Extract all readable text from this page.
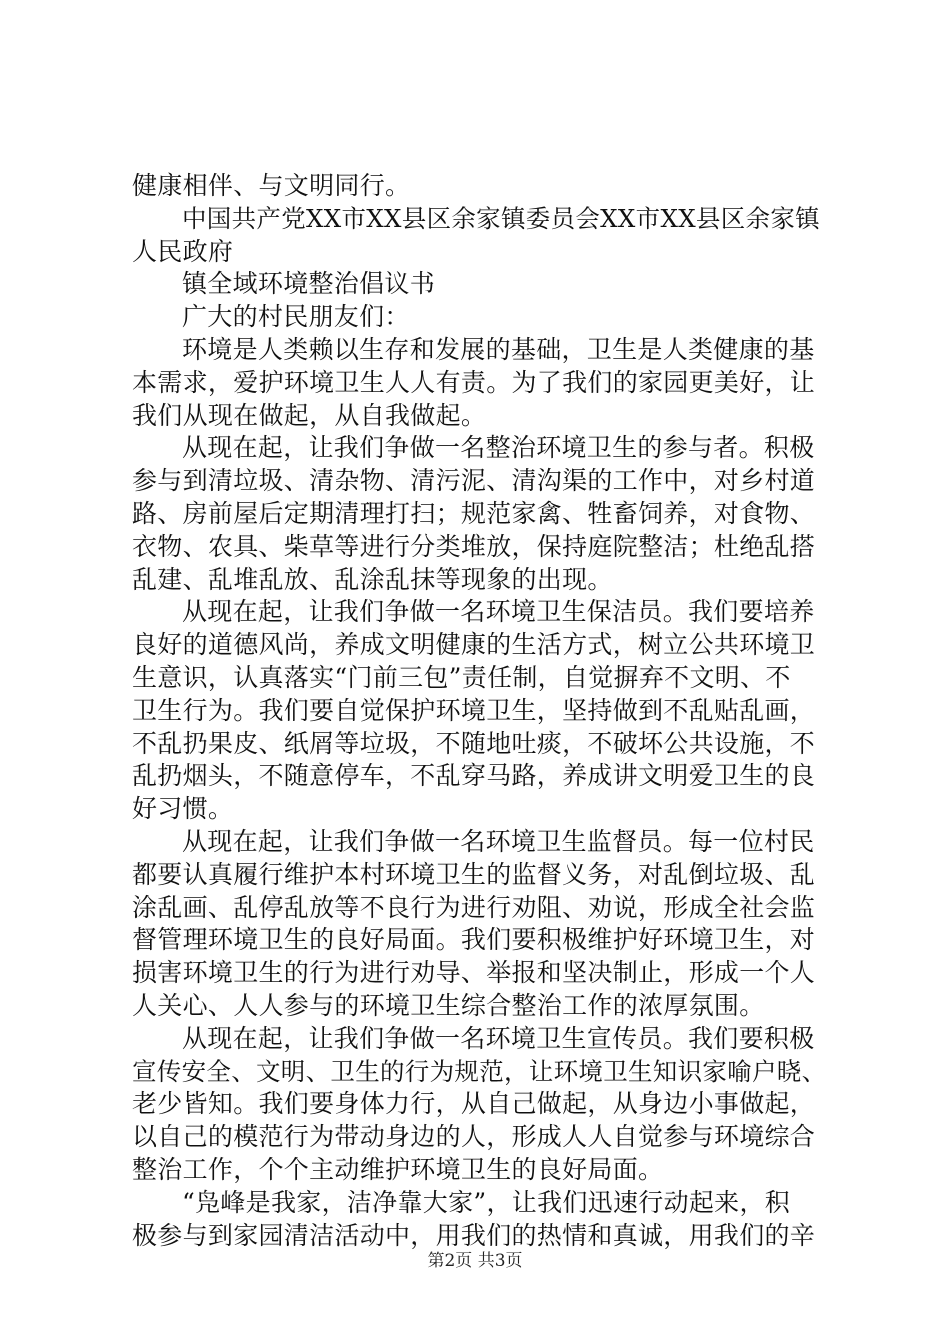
健康相伴、与文明同行。
中国共产党XX市XX县区余家镇委员会XX市XX县区余家镇
人民政府
镇全域环境整治倡议书
广大的村民朋友们：
环境是人类赖以生存和发展的基础，卫生是人类健康的基
本需求，爱护环境卫生人人有责。为了我们的家园更美好，让
我们从现在做起，从自我做起。
从现在起，让我们争做一名整治环境卫生的参与者。积极
参与到清垃圾、清杂物、清污泥、清沟渠的工作中，对乡村道
路、房前屋后定期清理打扫；规范家禽、牲畜饲养，对食物、
衣物、农具、柴草等进行分类堆放，保持庭院整洁；杜绝乱搭
乱建、乱堆乱放、乱涂乱抹等现象的出现。
从现在起，让我们争做一名环境卫生保洁员。我们要培养
良好的道德风尚，养成文明健康的生活方式，树立公共环境卫
生意识，认真落实“门前三包”责任制，自觉摒弃不文明、不
卫生行为。我们要自觉保护环境卫生，坚持做到不乱贴乱画，
不乱扔果皮、纸屑等垃圾，不随地吐痰，不破坏公共设施，不
乱扔烟头，不随意停车，不乱穿马路，养成讲文明爱卫生的良
好习惯。
从现在起，让我们争做一名环境卫生监督员。每一位村民
都要认真履行维护本村环境卫生的监督义务，对乱倒垃圾、乱
涂乱画、乱停乱放等不良行为进行劝阻、劝说，形成全社会监
督管理环境卫生的良好局面。我们要积极维护好环境卫生，对
损害环境卫生的行为进行劝导、举报和坚决制止，形成一个人
人关心、人人参与的环境卫生综合整治工作的浓厚氛围。
从现在起，让我们争做一名环境卫生宣传员。我们要积极
宣传安全、文明、卫生的行为规范，让环境卫生知识家喻户晓、
老少皆知。我们要身体力行，从自己做起，从身边小事做起，
以自己的模范行为带动身边的人，形成人人自觉参与环境综合
整治工作，个个主动维护环境卫生的良好局面。
“凫峰是我家，洁净靠大家”，让我们迅速行动起来，积
极参与到家园清洁活动中，用我们的热情和真诚，用我们的辛
第2页 共3页
